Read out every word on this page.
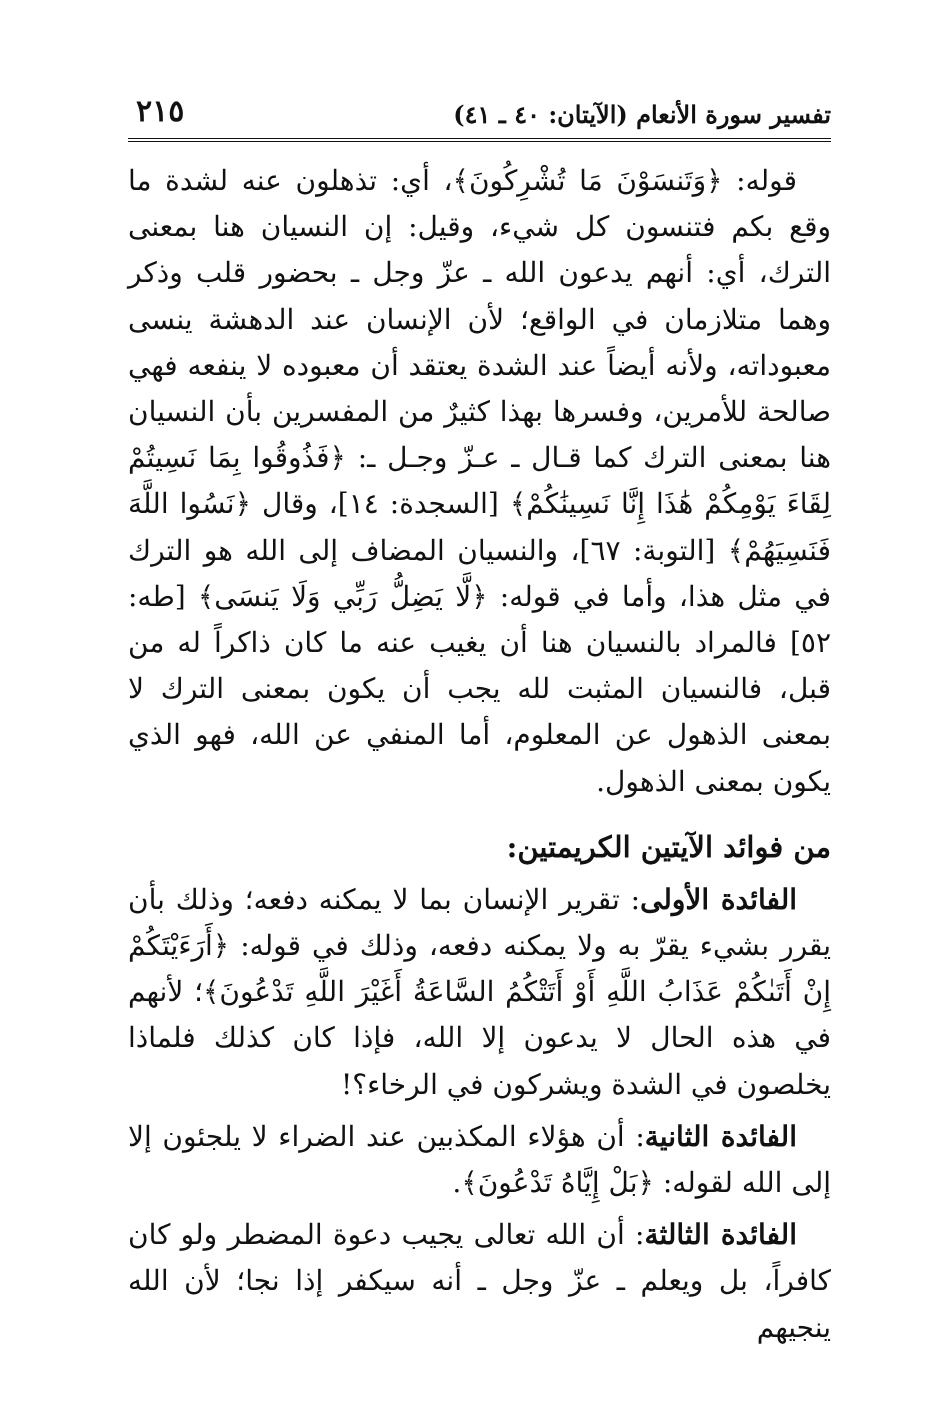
تفسير سورة الأنعام (الآيتان: ٤٠ ـ ٤١)
٢١٥

قوله: ﴿وَتَنسَوْنَ مَا تُشْرِكُونَ﴾، أي: تذهلون عنه لشدة ما وقع بكم فتنسون كل شيء، وقيل: إن النسيان هنا بمعنى الترك، أي: أنهم يدعون الله ـ عزّ وجل ـ بحضور قلب وذكر وهما متلازمان في الواقع؛ لأن الإنسان عند الدهشة ينسى معبوداته، ولأنه أيضاً عند الشدة يعتقد أن معبوده لا ينفعه فهي صالحة للأمرين، وفسرها بهذا كثيرٌ من المفسرين بأن النسيان هنا بمعنى الترك كما قـال ـ عـزّ وجـل ـ: ﴿فَذُوقُوا بِمَا نَسِيتُمْ لِقَاءَ يَوْمِكُمْ هَٰذَا إِنَّا نَسِينَٰكُمْ﴾ [السجدة: ١٤]، وقال ﴿نَسُوا اللَّهَ فَنَسِيَهُمْ﴾ [التوبة: ٦٧]، والنسيان المضاف إلى الله هو الترك في مثل هذا، وأما في قوله: ﴿لَّا يَضِلُّ رَبِّي وَلَا يَنسَى﴾ [طه: ٥٢] فالمراد بالنسيان هنا أن يغيب عنه ما كان ذاكراً له من قبل، فالنسيان المثبت لله يجب أن يكون بمعنى الترك لا بمعنى الذهول عن المعلوم، أما المنفي عن الله، فهو الذي يكون بمعنى الذهول.

من فوائد الآيتين الكريمتين:

الفائدة الأولى: تقرير الإنسان بما لا يمكنه دفعه؛ وذلك بأن يقرر بشيء يقرّ به ولا يمكنه دفعه، وذلك في قوله: ﴿أَرَءَيْتَكُمْ إِنْ أَتَىٰكُمْ عَذَابُ اللَّهِ أَوْ أَتَتْكُمُ السَّاعَةُ أَغَيْرَ اللَّهِ تَدْعُونَ﴾؛ لأنهم في هذه الحال لا يدعون إلا الله، فإذا كان كذلك فلماذا يخلصون في الشدة ويشركون في الرخاء؟!

الفائدة الثانية: أن هؤلاء المكذبين عند الضراء لا يلجئون إلا إلى الله لقوله: ﴿بَلْ إِيَّاهُ تَدْعُونَ﴾.

الفائدة الثالثة: أن الله تعالى يجيب دعوة المضطر ولو كان كافراً، بل ويعلم ـ عزّ وجل ـ أنه سيكفر إذا نجا؛ لأن الله ينجيهم
